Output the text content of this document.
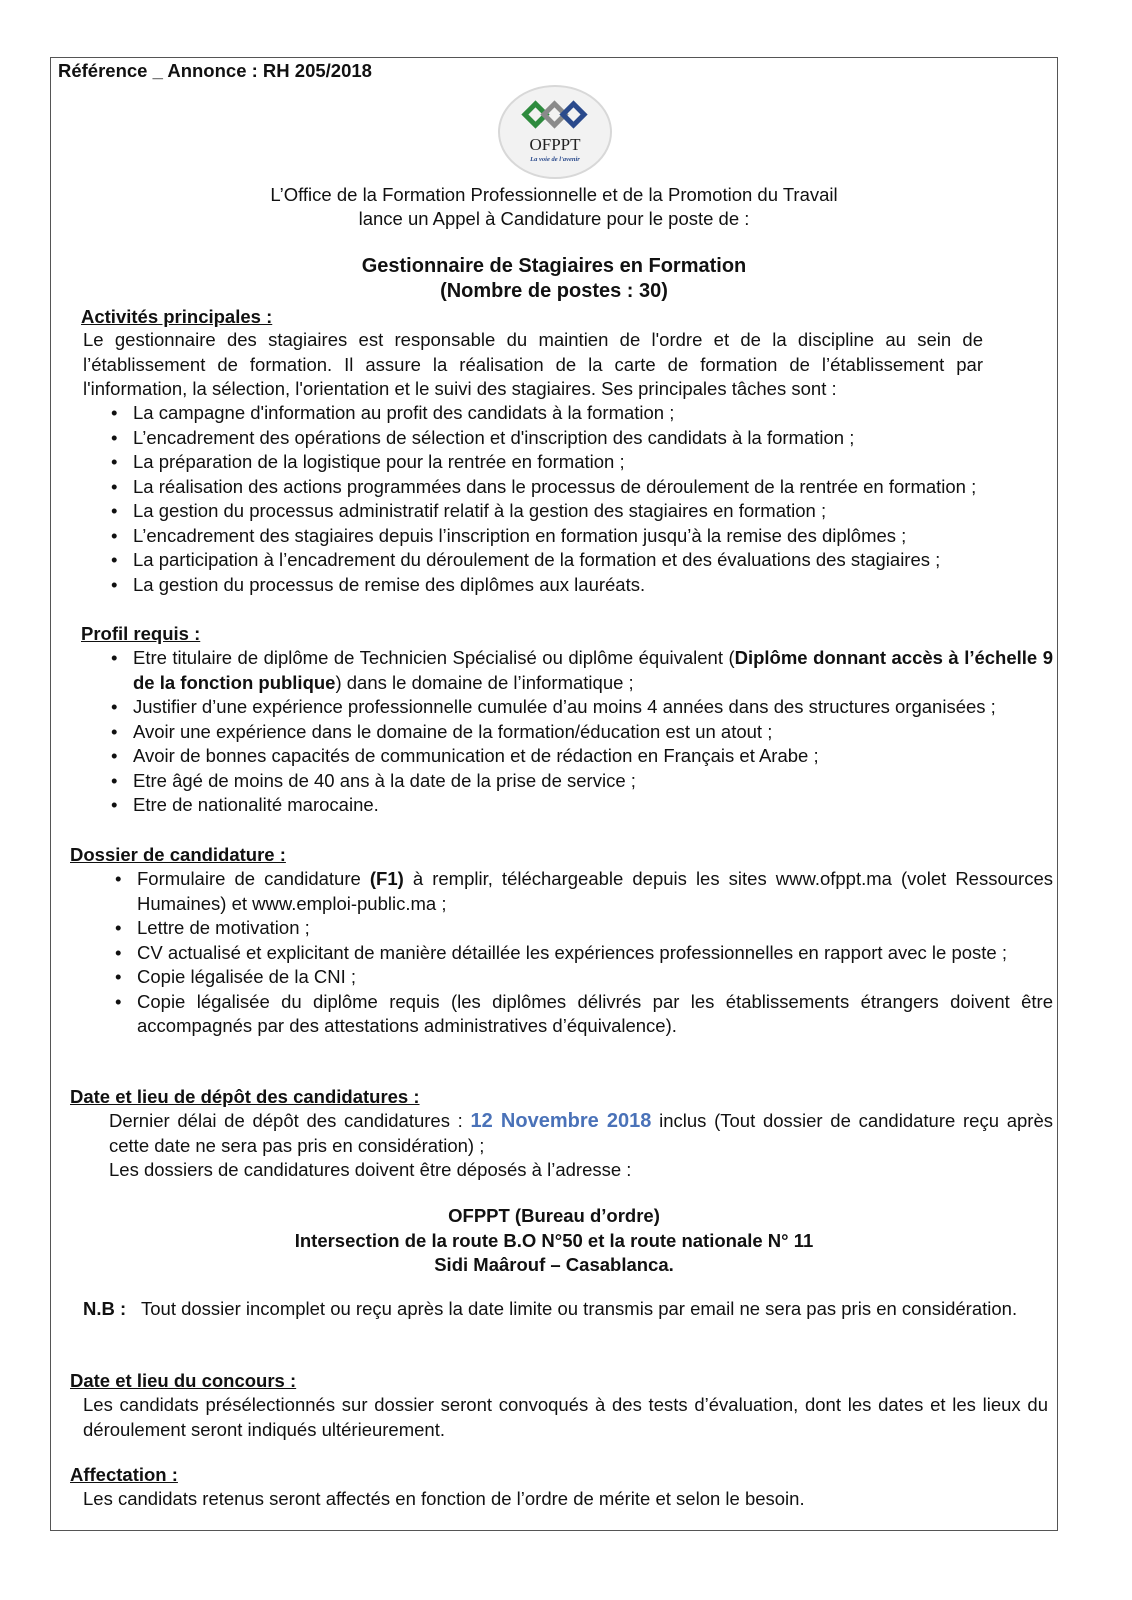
Référence _ Annonce : RH 205/2018
OFPPT
La voie de l'avenir
L’Office de la Formation Professionnelle et de la Promotion du Travail
lance un Appel à Candidature pour le poste de :
Gestionnaire de Stagiaires en Formation
(Nombre de postes : 30)
Activités principales :
Le gestionnaire des stagiaires est responsable du maintien de l'ordre et de la discipline au sein de l’établissement de formation. Il assure la réalisation de la carte de formation de l’établissement par l'information, la sélection, l'orientation et le suivi des stagiaires. Ses principales tâches sont :
• La campagne d'information au profit des candidats à la formation ;
• L’encadrement des opérations de sélection et d'inscription des candidats à la formation ;
• La préparation de la logistique pour la rentrée en formation ;
• La réalisation des actions programmées dans le processus de déroulement de la rentrée en formation ;
• La gestion du processus administratif relatif à la gestion des stagiaires en formation ;
• L’encadrement des stagiaires depuis l’inscription en formation jusqu’à la remise des diplômes ;
• La participation à l’encadrement du déroulement de la formation et des évaluations des stagiaires ;
• La gestion du processus de remise des diplômes aux lauréats.
Profil requis :
• Etre titulaire de diplôme de Technicien Spécialisé ou diplôme équivalent (Diplôme donnant accès à l’échelle 9 de la fonction publique) dans le domaine de l’informatique ;
• Justifier d’une expérience professionnelle cumulée d’au moins 4 années dans des structures organisées ;
• Avoir une expérience dans le domaine de la formation/éducation est un atout ;
• Avoir de bonnes capacités de communication et de rédaction en Français et Arabe ;
• Etre âgé de moins de 40 ans à la date de la prise de service ;
• Etre de nationalité marocaine.
Dossier de candidature :
• Formulaire de candidature (F1) à remplir, téléchargeable depuis les sites www.ofppt.ma (volet Ressources Humaines) et www.emploi-public.ma ;
• Lettre de motivation ;
• CV actualisé et explicitant de manière détaillée les expériences professionnelles en rapport avec le poste ;
• Copie légalisée de la CNI ;
• Copie légalisée du diplôme requis (les diplômes délivrés par les établissements étrangers doivent être accompagnés par des attestations administratives d’équivalence).
Date et lieu de dépôt des candidatures :
Dernier délai de dépôt des candidatures : 12 Novembre 2018 inclus (Tout dossier de candidature reçu après cette date ne sera pas pris en considération) ;
Les dossiers de candidatures doivent être déposés à l’adresse :
OFPPT (Bureau d’ordre)
Intersection de la route B.O N°50 et la route nationale N° 11
Sidi Maârouf – Casablanca.
N.B : Tout dossier incomplet ou reçu après la date limite ou transmis par email ne sera pas pris en considération.
Date et lieu du concours :
Les candidats présélectionnés sur dossier seront convoqués à des tests d’évaluation, dont les dates et les lieux du déroulement seront indiqués ultérieurement.
Affectation :
Les candidats retenus seront affectés en fonction de l’ordre de mérite et selon le besoin.
